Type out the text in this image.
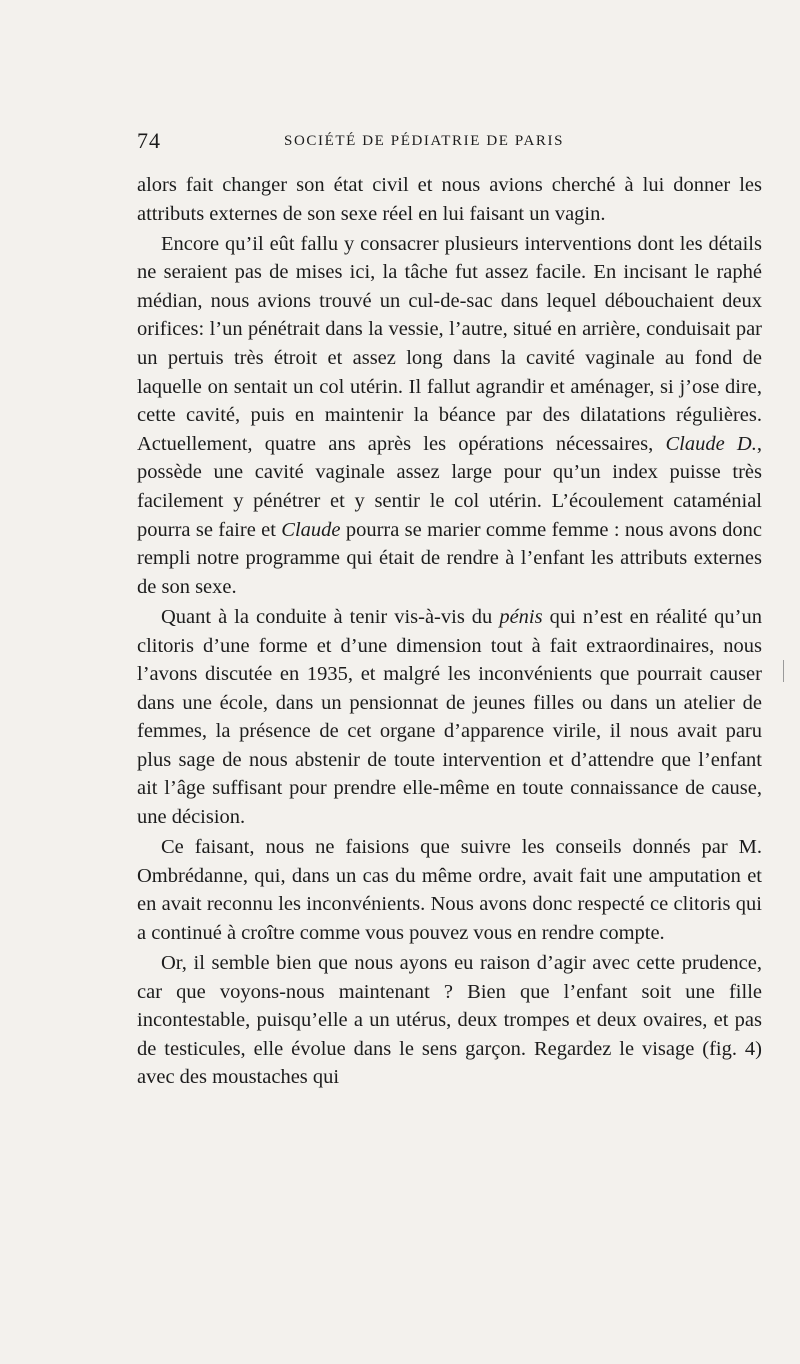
74	SOCIÉTÉ DE PÉDIATRIE DE PARIS

alors fait changer son état civil et nous avions cherché à lui donner les attributs externes de son sexe réel en lui faisant un vagin.

Encore qu’il eût fallu y consacrer plusieurs interventions dont les détails ne seraient pas de mises ici, la tâche fut assez facile. En incisant le raphé médian, nous avions trouvé un cul-de-sac dans lequel débouchaient deux orifices: l’un pénétrait dans la vessie, l’autre, situé en arrière, conduisait par un pertuis très étroit et assez long dans la cavité vaginale au fond de laquelle on sentait un col utérin. Il fallut agrandir et aménager, si j’ose dire, cette cavité, puis en maintenir la béance par des dilatations régulières. Actuellement, quatre ans après les opérations nécessaires, Claude D., possède une cavité vaginale assez large pour qu’un index puisse très facilement y pénétrer et y sentir le col utérin. L’écoulement cataménial pourra se faire et Claude pourra se marier comme femme : nous avons donc rempli notre programme qui était de rendre à l’enfant les attributs externes de son sexe.

Quant à la conduite à tenir vis-à-vis du pénis qui n’est en réalité qu’un clitoris d’une forme et d’une dimension tout à fait extraordinaires, nous l’avons discutée en 1935, et malgré les inconvénients que pourrait causer dans une école, dans un pensionnat de jeunes filles ou dans un atelier de femmes, la présence de cet organe d’apparence virile, il nous avait paru plus sage de nous abstenir de toute intervention et d’attendre que l’enfant ait l’âge suffisant pour prendre elle-même en toute connaissance de cause, une décision.

Ce faisant, nous ne faisions que suivre les conseils donnés par M. Ombrédanne, qui, dans un cas du même ordre, avait fait une amputation et en avait reconnu les inconvénients. Nous avons donc respecté ce clitoris qui a continué à croître comme vous pouvez vous en rendre compte.

Or, il semble bien que nous ayons eu raison d’agir avec cette prudence, car que voyons-nous maintenant ? Bien que l’enfant soit une fille incontestable, puisqu’elle a un utérus, deux trompes et deux ovaires, et pas de testicules, elle évolue dans le sens garçon. Regardez le visage (fig. 4) avec des moustaches qui
